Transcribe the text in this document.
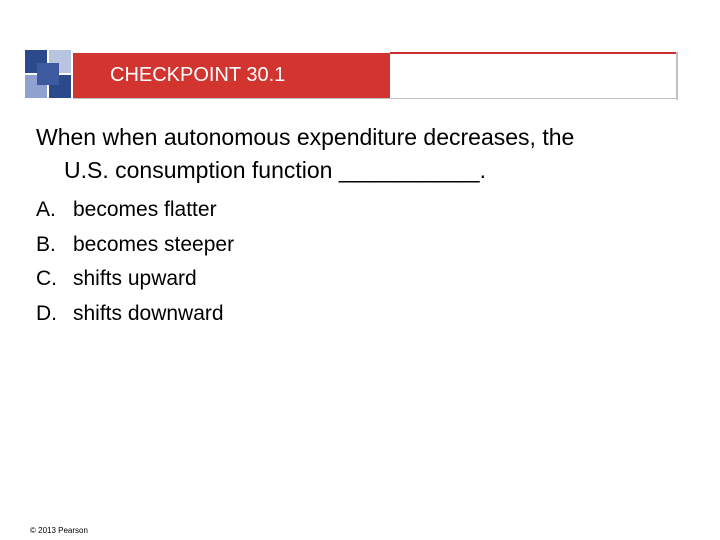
CHECKPOINT 30.1
When when autonomous expenditure decreases, the
U.S. consumption function ___________.
A. becomes flatter
B. becomes steeper
C. shifts upward
D. shifts downward
© 2013 Pearson
